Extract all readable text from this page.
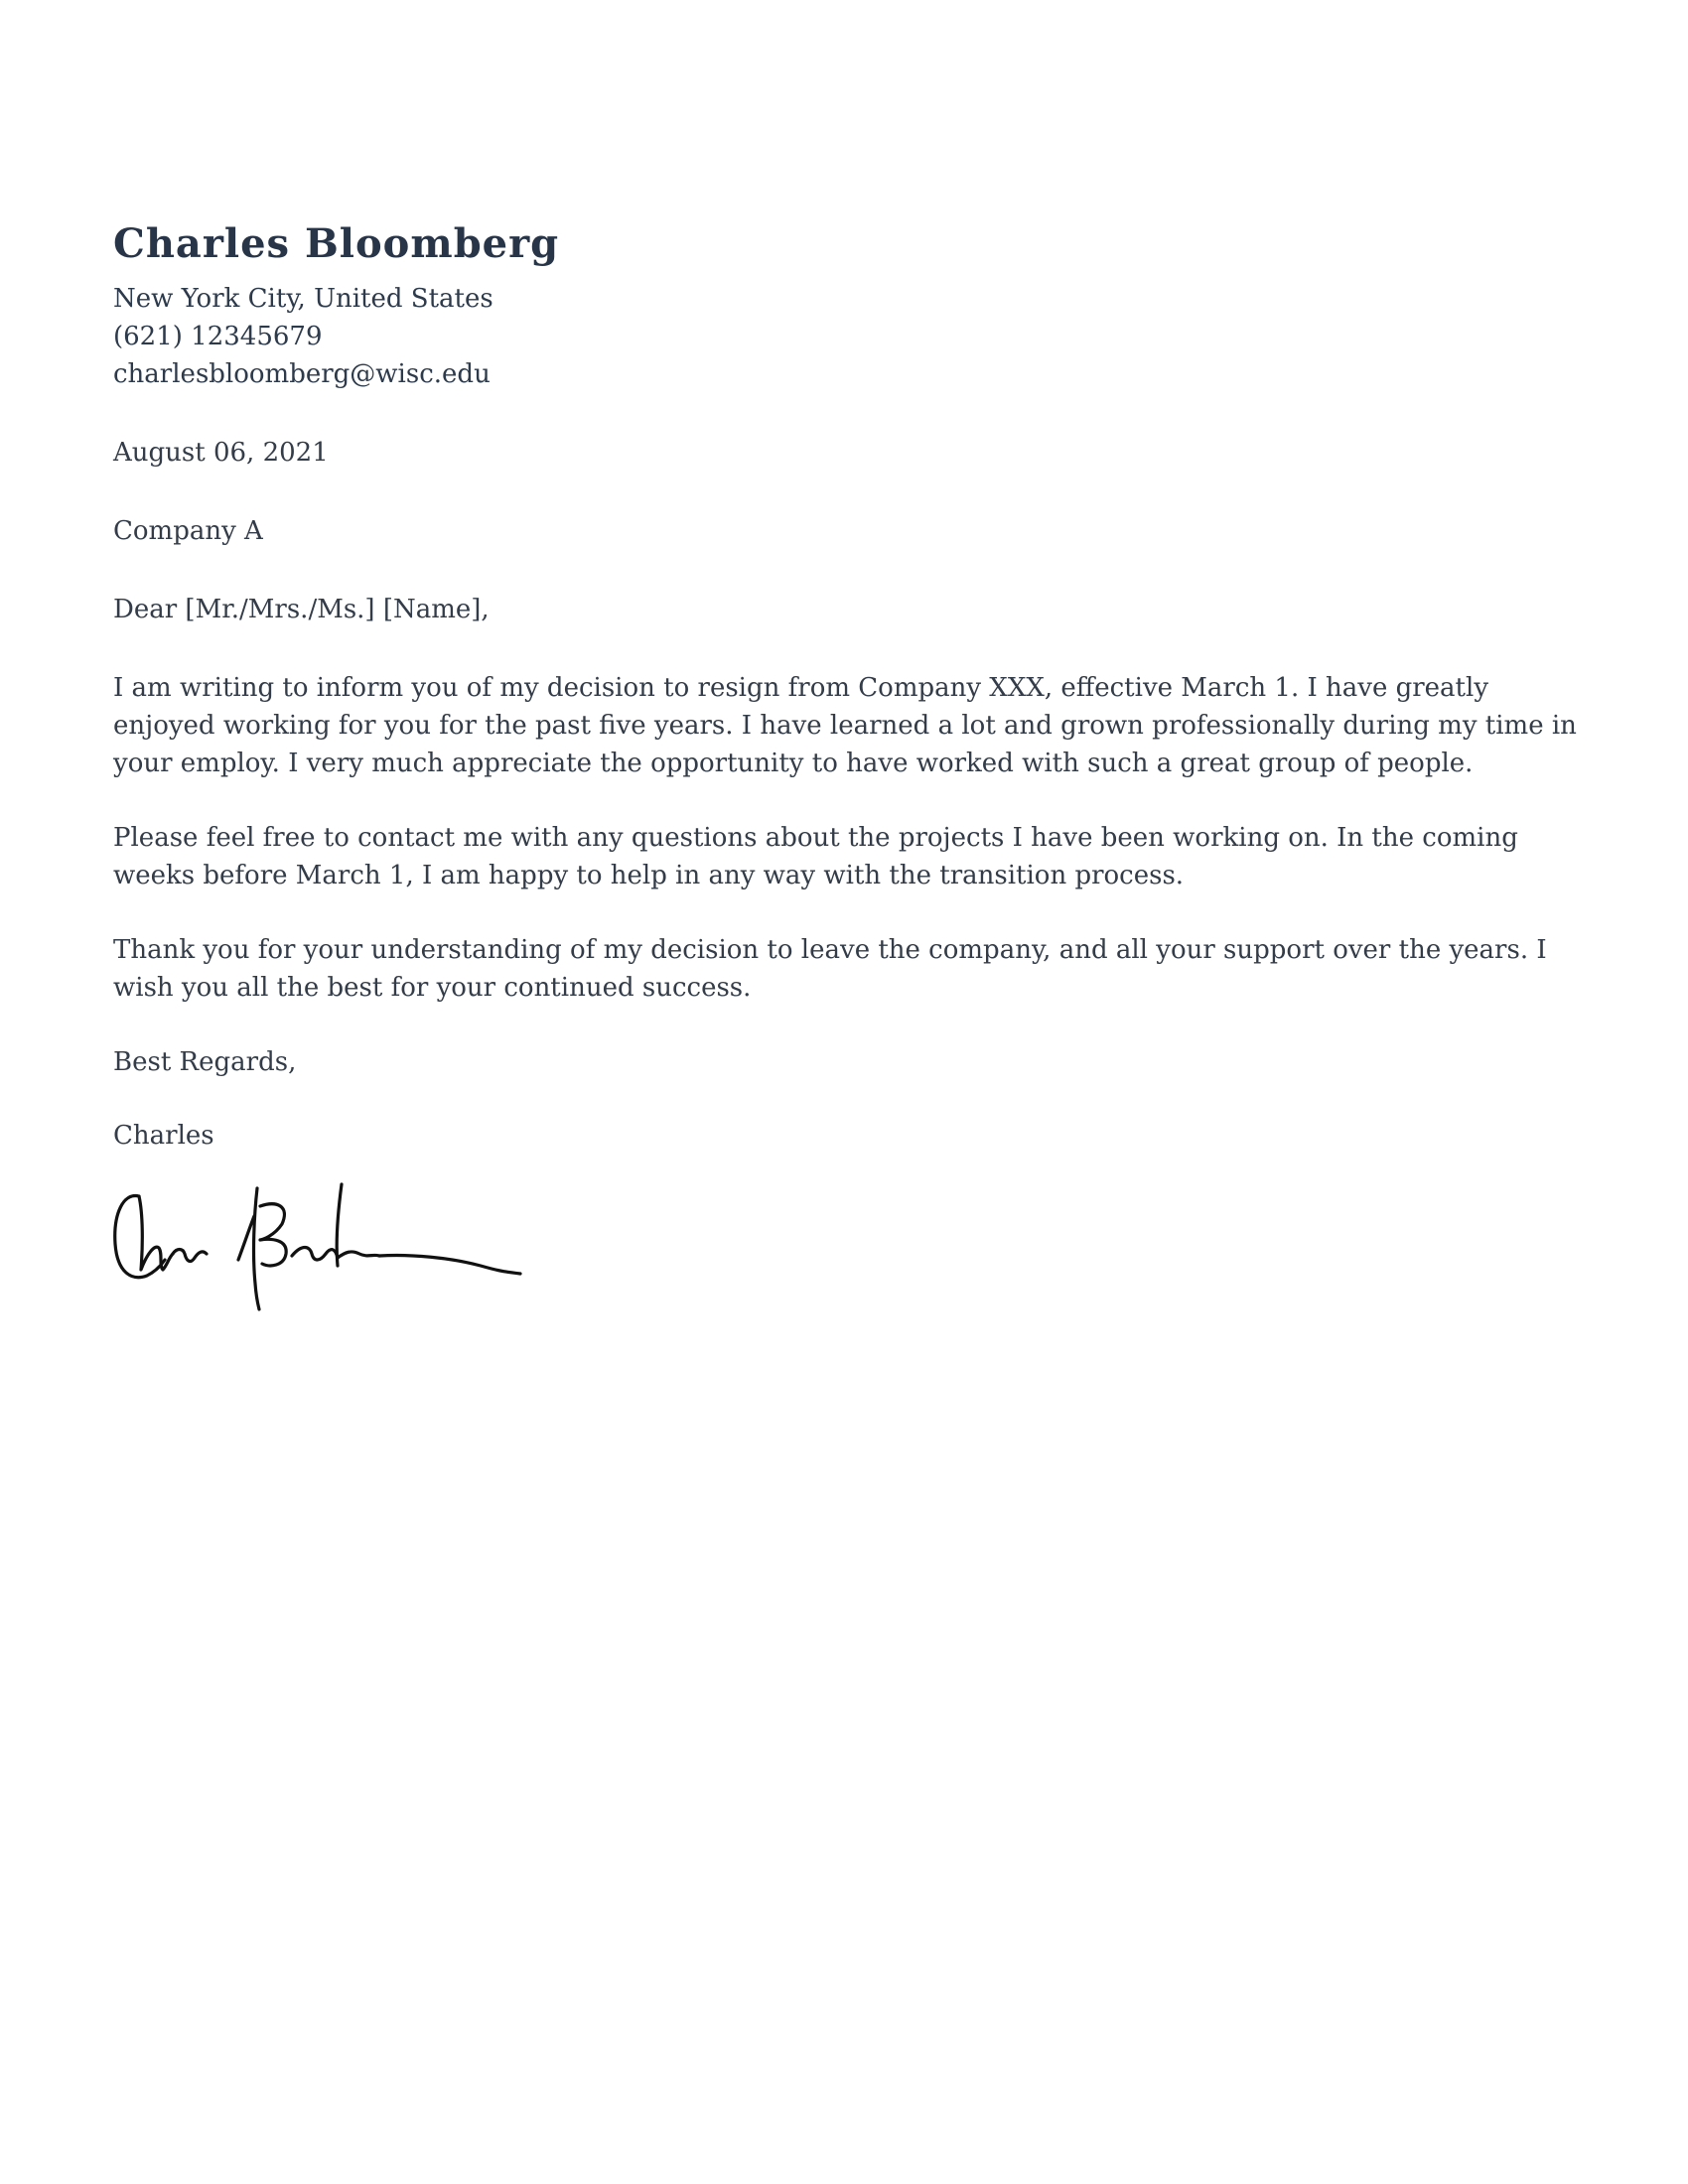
Charles Bloomberg

New York City, United States

(621) 12345679

charlesbloomberg@wisc.edu

August 06, 2021

Company A

Dear [Mr./Mrs./Ms.] [Name],

I am writing to inform you of my decision to resign from Company XXX, effective March 1. I have greatly enjoyed working for you for the past five years. I have learned a lot and grown professionally during my time in your employ. I very much appreciate the opportunity to have worked with such a great group of people.

Please feel free to contact me with any questions about the projects I have been working on. In the coming weeks before March 1, I am happy to help in any way with the transition process.

Thank you for your understanding of my decision to leave the company, and all your support over the years. I wish you all the best for your continued success.

Best Regards,

Charles
